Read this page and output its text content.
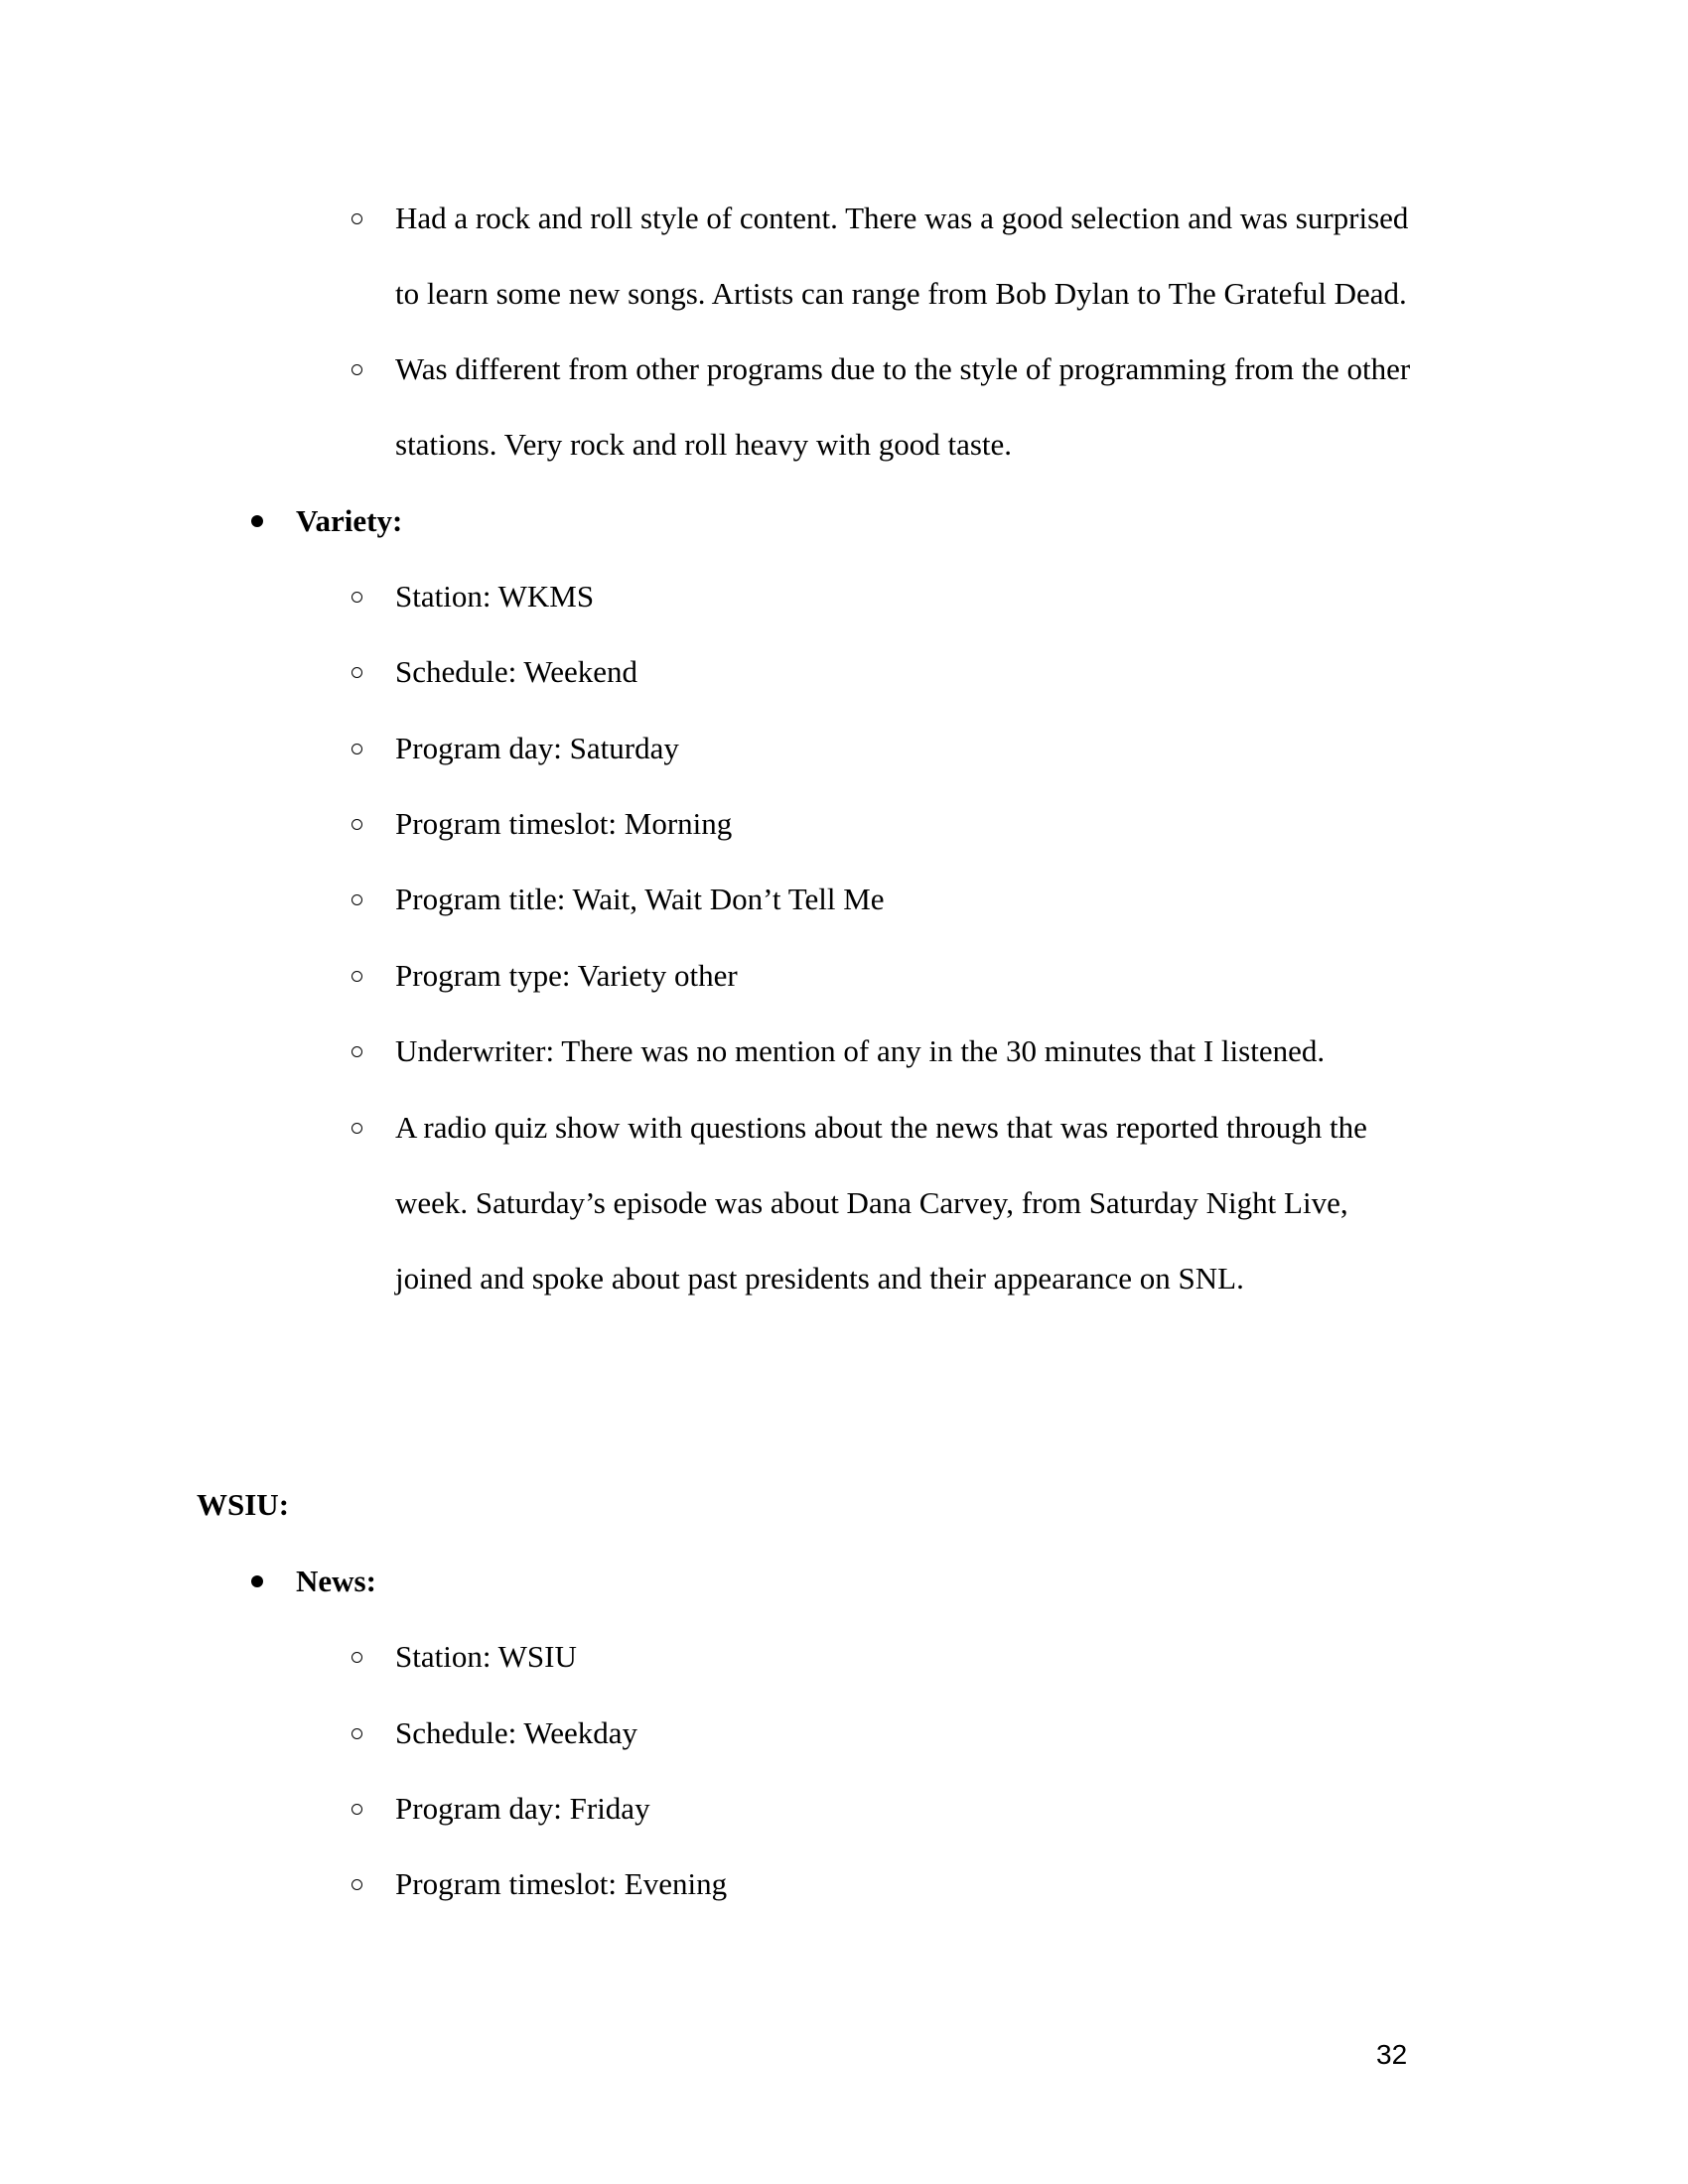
Had a rock and roll style of content. There was a good selection and was surprised
to learn some new songs. Artists can range from Bob Dylan to The Grateful Dead.
Was different from other programs due to the style of programming from the other
stations. Very rock and roll heavy with good taste.
Variety:
Station: WKMS
Schedule: Weekend
Program day: Saturday
Program timeslot: Morning
Program title: Wait, Wait Don’t Tell Me
Program type: Variety other
Underwriter: There was no mention of any in the 30 minutes that I listened.
A radio quiz show with questions about the news that was reported through the
week. Saturday’s episode was about Dana Carvey, from Saturday Night Live,
joined and spoke about past presidents and their appearance on SNL.
WSIU:
News:
Station: WSIU
Schedule: Weekday
Program day: Friday
Program timeslot: Evening
32
